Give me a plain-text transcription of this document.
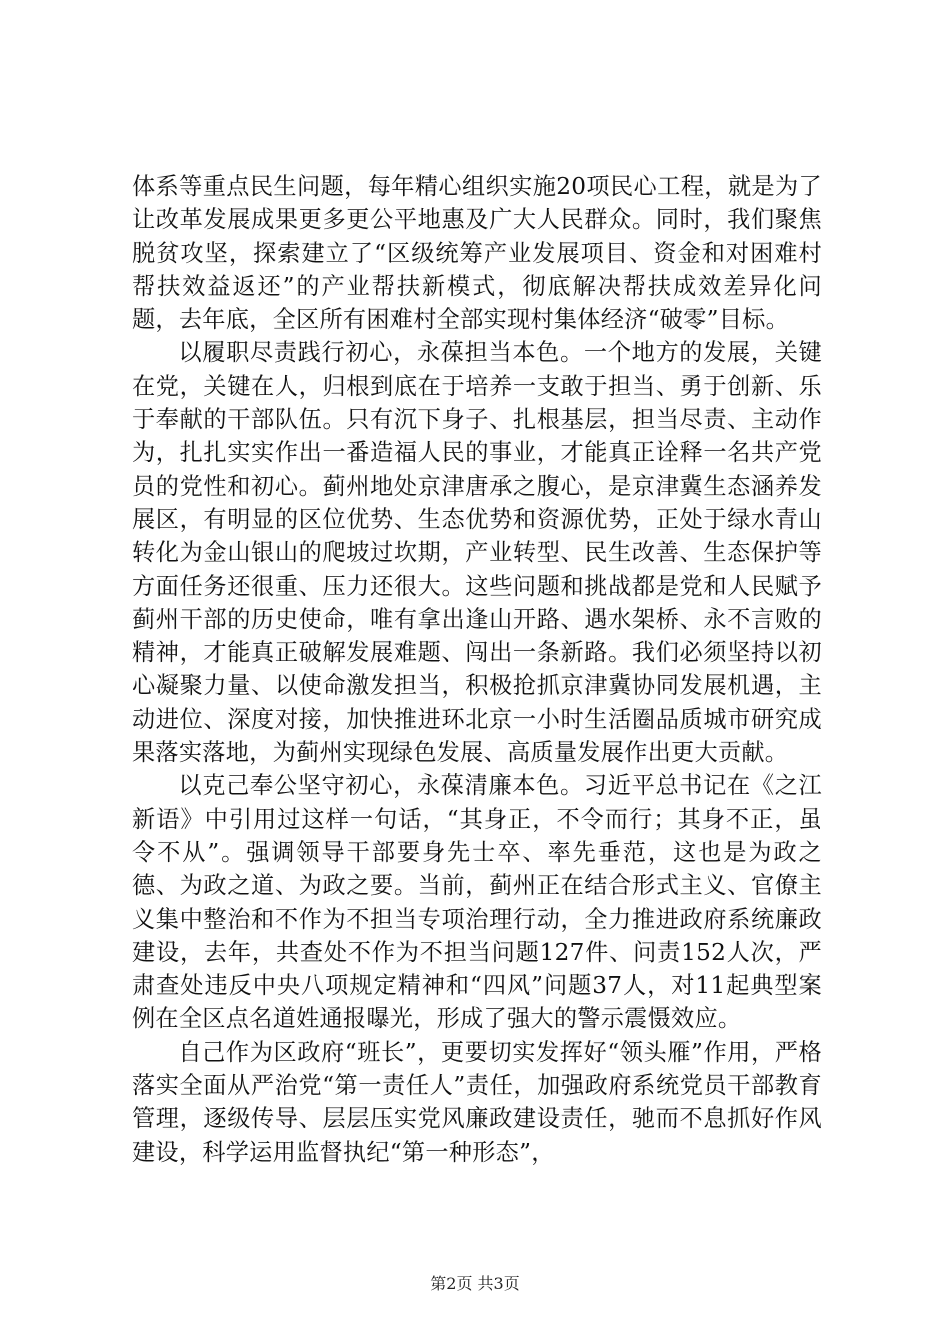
体系等重点民生问题，每年精心组织实施20项民心工程，就是为了让改革发展成果更多更公平地惠及广大人民群众。同时，我们聚焦脱贫攻坚，探索建立了“区级统筹产业发展项目、资金和对困难村帮扶效益返还”的产业帮扶新模式，彻底解决帮扶成效差异化问题，去年底，全区所有困难村全部实现村集体经济“破零”目标。

以履职尽责践行初心，永葆担当本色。一个地方的发展，关键在党，关键在人，归根到底在于培养一支敢于担当、勇于创新、乐于奉献的干部队伍。只有沉下身子、扎根基层，担当尽责、主动作为，扎扎实实作出一番造福人民的事业，才能真正诠释一名共产党员的党性和初心。蓟州地处京津唐承之腹心，是京津冀生态涵养发展区，有明显的区位优势、生态优势和资源优势，正处于绿水青山转化为金山银山的爬坡过坎期，产业转型、民生改善、生态保护等方面任务还很重、压力还很大。这些问题和挑战都是党和人民赋予蓟州干部的历史使命，唯有拿出逢山开路、遇水架桥、永不言败的精神，才能真正破解发展难题、闯出一条新路。我们必须坚持以初心凝聚力量、以使命激发担当，积极抢抓京津冀协同发展机遇，主动进位、深度对接，加快推进环北京一小时生活圈品质城市研究成果落实落地，为蓟州实现绿色发展、高质量发展作出更大贡献。

以克己奉公坚守初心，永葆清廉本色。习近平总书记在《之江新语》中引用过这样一句话，“其身正，不令而行；其身不正，虽令不从”。强调领导干部要身先士卒、率先垂范，这也是为政之德、为政之道、为政之要。当前，蓟州正在结合形式主义、官僚主义集中整治和不作为不担当专项治理行动，全力推进政府系统廉政建设，去年，共查处不作为不担当问题127件、问责152人次，严肃查处违反中央八项规定精神和“四风”问题37人，对11起典型案例在全区点名道姓通报曝光，形成了强大的警示震慑效应。

自己作为区政府“班长”，更要切实发挥好“领头雁”作用，严格落实全面从严治党“第一责任人”责任，加强政府系统党员干部教育管理，逐级传导、层层压实党风廉政建设责任，驰而不息抓好作风建设，科学运用监督执纪“第一种形态”，

第2页 共3页
